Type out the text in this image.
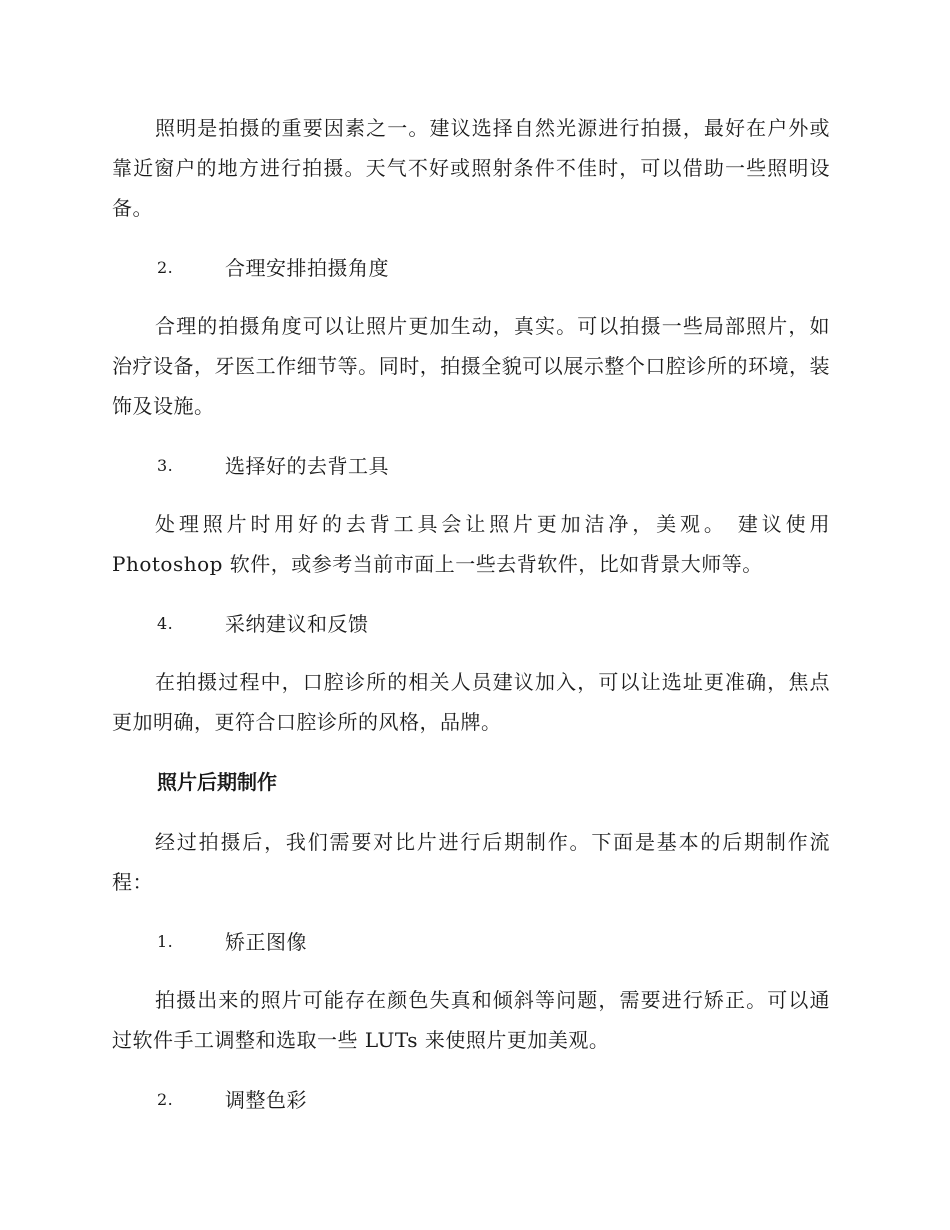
照明是拍摄的重要因素之一。建议选择自然光源进行拍摄，最好在户外或靠近窗户的地方进行拍摄。天气不好或照射条件不佳时，可以借助一些照明设备。

2.	合理安排拍摄角度

合理的拍摄角度可以让照片更加生动，真实。可以拍摄一些局部照片，如治疗设备，牙医工作细节等。同时，拍摄全貌可以展示整个口腔诊所的环境，装饰及设施。

3.	选择好的去背工具

处理照片时用好的去背工具会让照片更加洁净，美观。 建议使用 Photoshop 软件，或参考当前市面上一些去背软件，比如背景大师等。

4.	采纳建议和反馈

在拍摄过程中，口腔诊所的相关人员建议加入，可以让选址更准确，焦点更加明确，更符合口腔诊所的风格，品牌。

照片后期制作

经过拍摄后，我们需要对比片进行后期制作。下面是基本的后期制作流程：

1.	矫正图像

拍摄出来的照片可能存在颜色失真和倾斜等问题，需要进行矫正。可以通过软件手工调整和选取一些 LUTs 来使照片更加美观。

2.	调整色彩
